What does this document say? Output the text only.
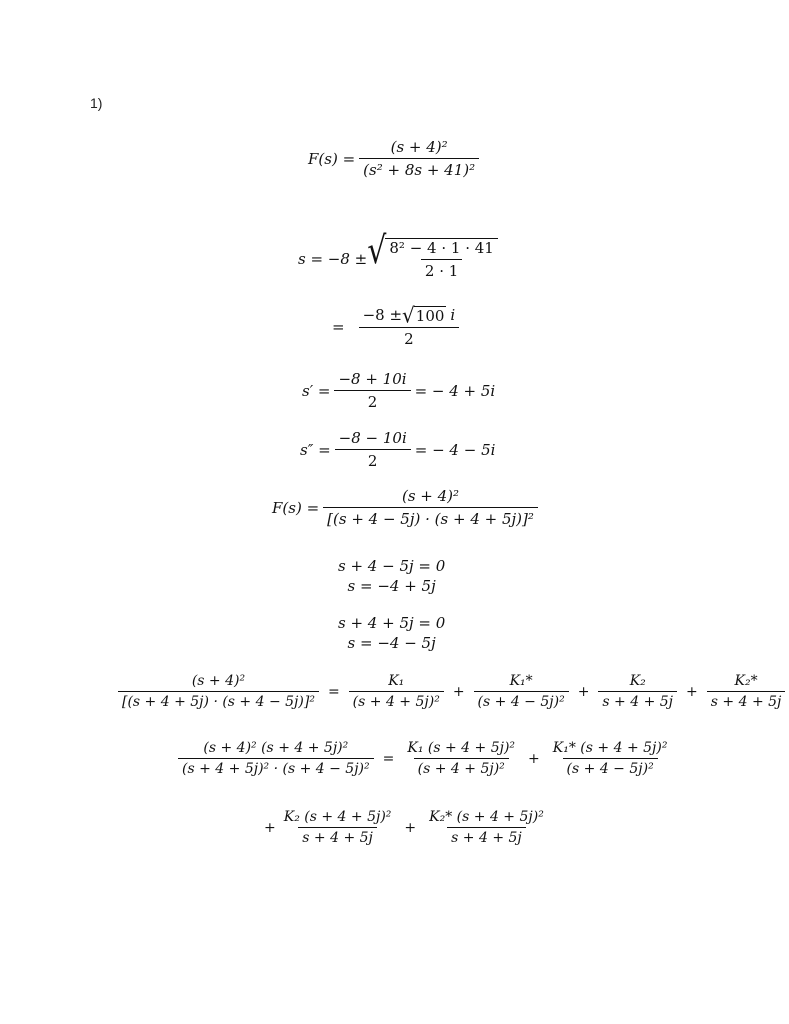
1)
$F(s) = \frac{\text{(s + 4)²}}{\text{(s² + 8s + 41)²}}$
s = −8 ± √ $\frac{\text{8² − 4 · 1 · 41}}{2 \cdot 1}$
= $\frac{-8 \pm √ 100 i}{2}$
$s' = \frac{-8 + 10i}{2}$ = − 4 + 5i
$s'' = \frac{-8 - 10i}{2}$ = − 4 − 5i
$F(s) = \frac{\text{(s + 4)²}}{\text{[(s + 4 − 5j) · (s + 4 + 5j)]²}}$
s + 4 − 5j = 0
s = −4 + 5j
s + 4 + 5j = 0
s = −4 − 5j
$\frac{\text{(s + 4)²}}{\text{[(s + 4 + 5j) · (s + 4 − 5j)]²}} = \frac{\text{K₁}}{\text{(s + 4 + 5j)²}} + \frac{\text{K₁*}}{\text{(s + 4 − 5j)²}} + \frac{\text{K₂}}{s + 4 + 5j} + \frac{\text{K₂*}}{s + 4 + 5j}$
$\frac{\text{(s + 4)² (s + 4 + 5j)²}}{\text{(s + 4 + 5j)² · (s + 4 − 5j)²}} = \frac{\text{K₁ (s + 4 + 5j)²}}{\text{(s + 4 + 5j)²}} + \frac{\text{K₁* (s + 4 + 5j)²}}{\text{(s + 4 − 5j)²}}$
+ $\frac{\text{K₂ (s + 4 + 5j)²}}{s + 4 + 5j} + \frac{\text{K₂* (s + 4 + 5j)²}}{s + 4 + 5j}$
